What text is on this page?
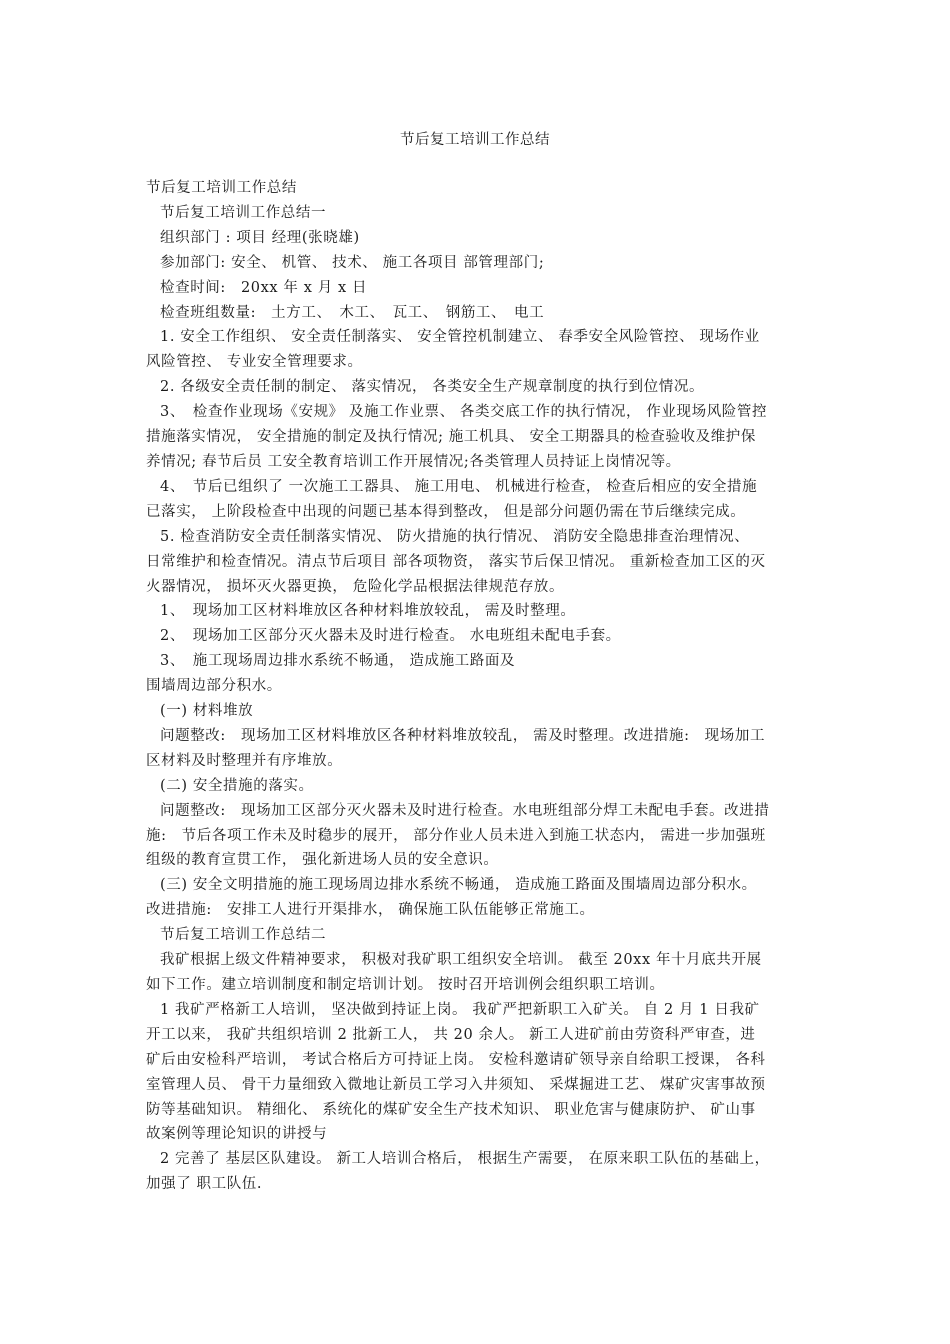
节后复工培训工作总结
节后复工培训工作总结
节后复工培训工作总结一
组织部门 : 项目 经理(张晓雄)
参加部门: 安全、 机管、 技术、 施工各项目 部管理部门;
检查时间:　20xx 年 x 月 x 日
检查班组数量:　土方工、　木工、　瓦工、　钢筋工、　电工
1. 安全工作组织、 安全责任制落实、 安全管控机制建立、 春季安全风险管控、 现场作业
风险管控、 专业安全管理要求。
2. 各级安全责任制的制定、 落实情况， 各类安全生产规章制度的执行到位情况。
3、　检查作业现场《安规》 及施工作业票、 各类交底工作的执行情况， 作业现场风险管控
措施落实情况， 安全措施的制定及执行情况; 施工机具、 安全工期器具的检查验收及维护保
养情况; 春节后员 工安全教育培训工作开展情况;各类管理人员持证上岗情况等。
4、　节后已组织了 一次施工工器具、 施工用电、 机械进行检查， 检查后相应的安全措施
已落实， 上阶段检查中出现的问题已基本得到整改， 但是部分问题仍需在节后继续完成。
5. 检查消防安全责任制落实情况、 防火措施的执行情况、 消防安全隐患排查治理情况、
日常维护和检查情况。清点节后项目 部各项物资， 落实节后保卫情况。 重新检查加工区的灭
火器情况， 损坏灭火器更换， 危险化学品根据法律规范存放。
1、　现场加工区材料堆放区各种材料堆放较乱， 需及时整理。
2、　现场加工区部分灭火器未及时进行检查。 水电班组未配电手套。
3、　施工现场周边排水系统不畅通， 造成施工路面及
围墙周边部分积水。
(一) 材料堆放
问题整改:　现场加工区材料堆放区各种材料堆放较乱， 需及时整理。改进措施:　现场加工
区材料及时整理并有序堆放。
(二) 安全措施的落实。
问题整改:　现场加工区部分灭火器未及时进行检查。水电班组部分焊工未配电手套。改进措
施:　节后各项工作未及时稳步的展开， 部分作业人员未进入到施工状态内， 需进一步加强班
组级的教育宣贯工作， 强化新进场人员的安全意识。
(三) 安全文明措施的施工现场周边排水系统不畅通， 造成施工路面及围墙周边部分积水。
改进措施:　安排工人进行开渠排水， 确保施工队伍能够正常施工。
节后复工培训工作总结二
我矿根据上级文件精神要求， 积极对我矿职工组织安全培训。 截至 20xx 年十月底共开展
如下工作。建立培训制度和制定培训计划。 按时召开培训例会组织职工培训。
1 我矿严格新工人培训， 坚决做到持证上岗。 我矿严把新职工入矿关。 自 2 月 1 日我矿
开工以来， 我矿共组织培训 2 批新工人， 共 20 余人。 新工人进矿前由劳资科严审查，进
矿后由安检科严培训， 考试合格后方可持证上岗。 安检科邀请矿领导亲自给职工授课， 各科
室管理人员、 骨干力量细致入微地让新员工学习入井须知、 采煤掘进工艺、 煤矿灾害事故预
防等基础知识。 精细化、 系统化的煤矿安全生产技术知识、 职业危害与健康防护、 矿山事
故案例等理论知识的讲授与
2 完善了 基层区队建设。 新工人培训合格后， 根据生产需要， 在原来职工队伍的基础上，
加强了 职工队伍.
